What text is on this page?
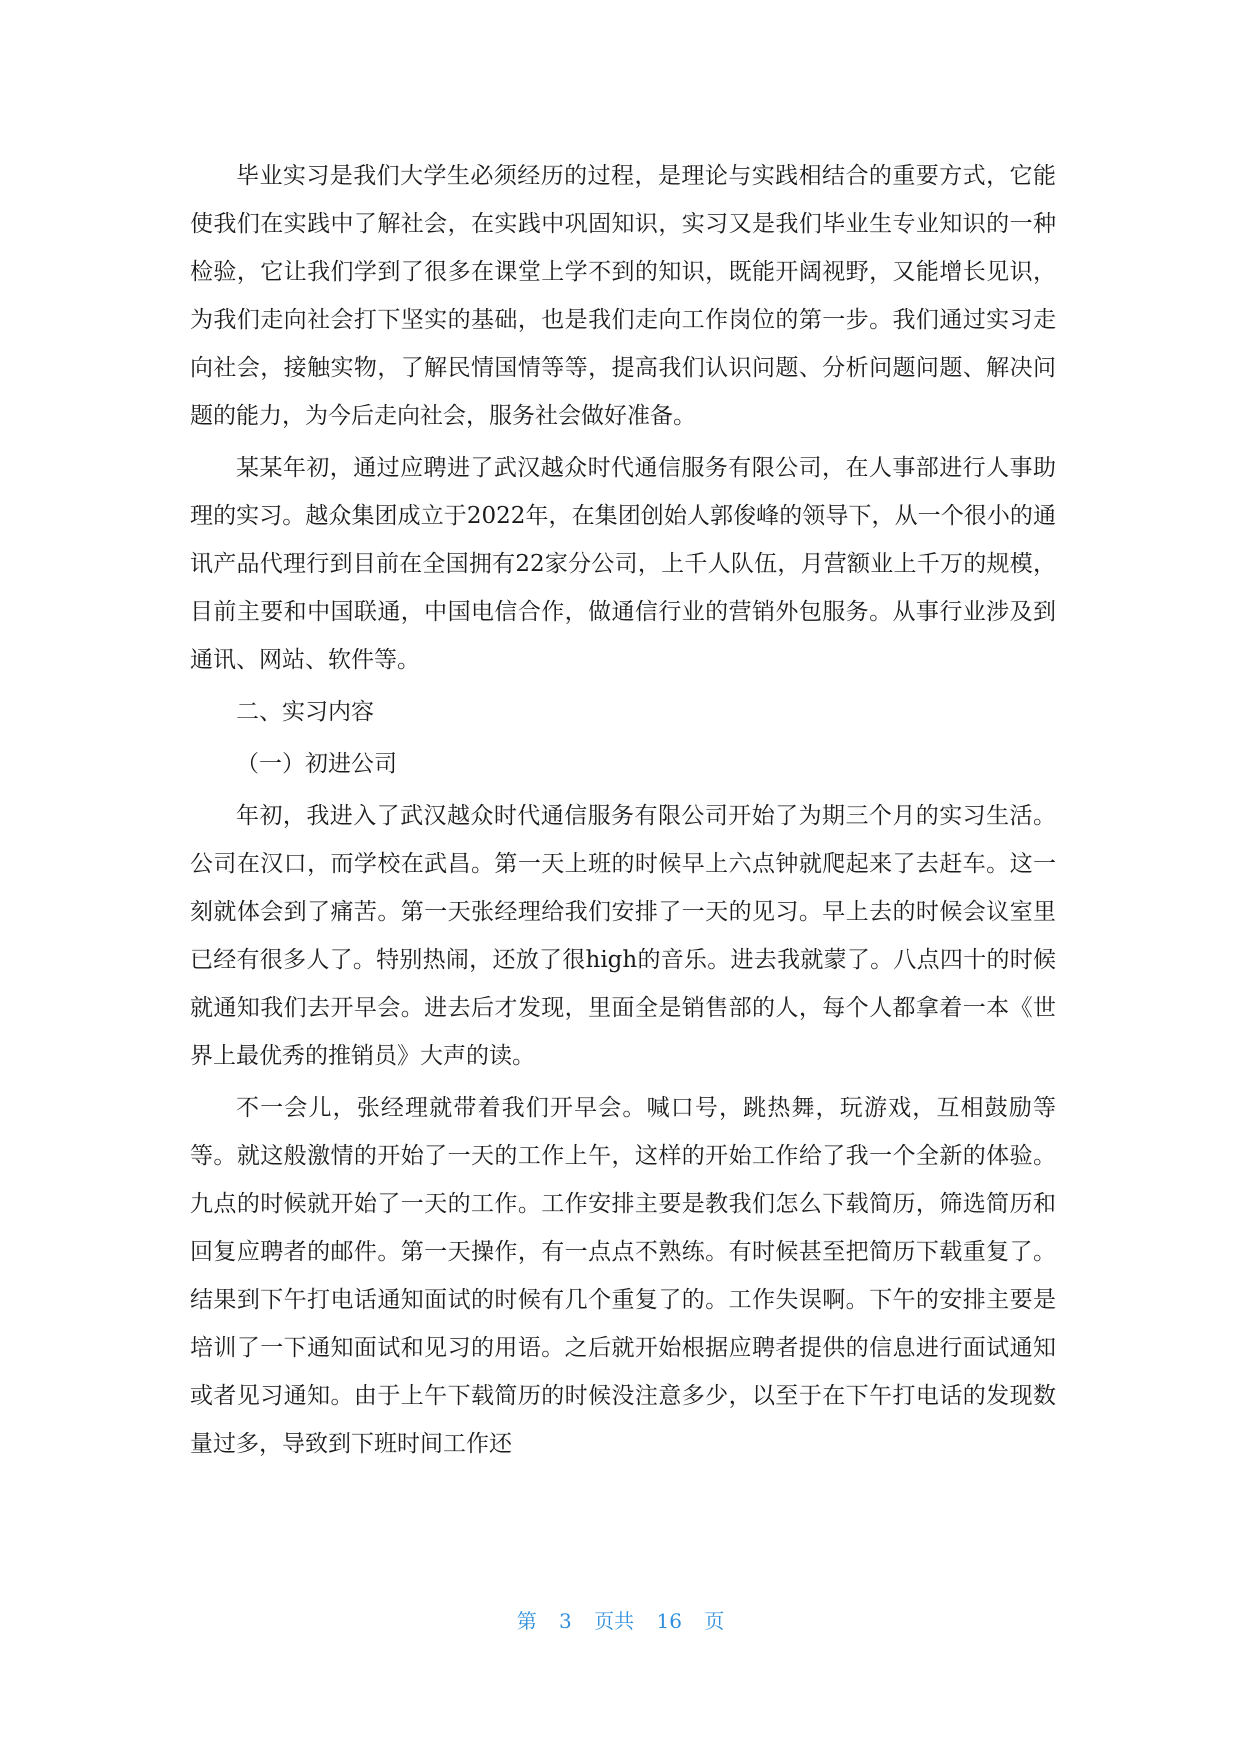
毕业实习是我们大学生必须经历的过程，是理论与实践相结合的重要方式，它能使我们在实践中了解社会，在实践中巩固知识，实习又是我们毕业生专业知识的一种检验，它让我们学到了很多在课堂上学不到的知识，既能开阔视野，又能增长见识，为我们走向社会打下坚实的基础，也是我们走向工作岗位的第一步。我们通过实习走向社会，接触实物，了解民情国情等等，提高我们认识问题、分析问题问题、解决问题的能力，为今后走向社会，服务社会做好准备。

某某年初，通过应聘进了武汉越众时代通信服务有限公司，在人事部进行人事助理的实习。越众集团成立于2022年，在集团创始人郭俊峰的领导下，从一个很小的通讯产品代理行到目前在全国拥有22家分公司，上千人队伍，月营额业上千万的规模，目前主要和中国联通，中国电信合作，做通信行业的营销外包服务。从事行业涉及到通讯、网站、软件等。

二、实习内容

（一）初进公司

年初，我进入了武汉越众时代通信服务有限公司开始了为期三个月的实习生活。公司在汉口，而学校在武昌。第一天上班的时候早上六点钟就爬起来了去赶车。这一刻就体会到了痛苦。第一天张经理给我们安排了一天的见习。早上去的时候会议室里已经有很多人了。特别热闹，还放了很high的音乐。进去我就蒙了。八点四十的时候就通知我们去开早会。进去后才发现，里面全是销售部的人，每个人都拿着一本《世界上最优秀的推销员》大声的读。

不一会儿，张经理就带着我们开早会。喊口号，跳热舞，玩游戏，互相鼓励等等。就这般激情的开始了一天的工作上午，这样的开始工作给了我一个全新的体验。九点的时候就开始了一天的工作。工作安排主要是教我们怎么下载简历，筛选简历和回复应聘者的邮件。第一天操作，有一点点不熟练。有时候甚至把简历下载重复了。结果到下午打电话通知面试的时候有几个重复了的。工作失误啊。下午的安排主要是培训了一下通知面试和见习的用语。之后就开始根据应聘者提供的信息进行面试通知或者见习通知。由于上午下载简历的时候没注意多少，以至于在下午打电话的发现数量过多，导致到下班时间工作还

第 3 页共 16 页
